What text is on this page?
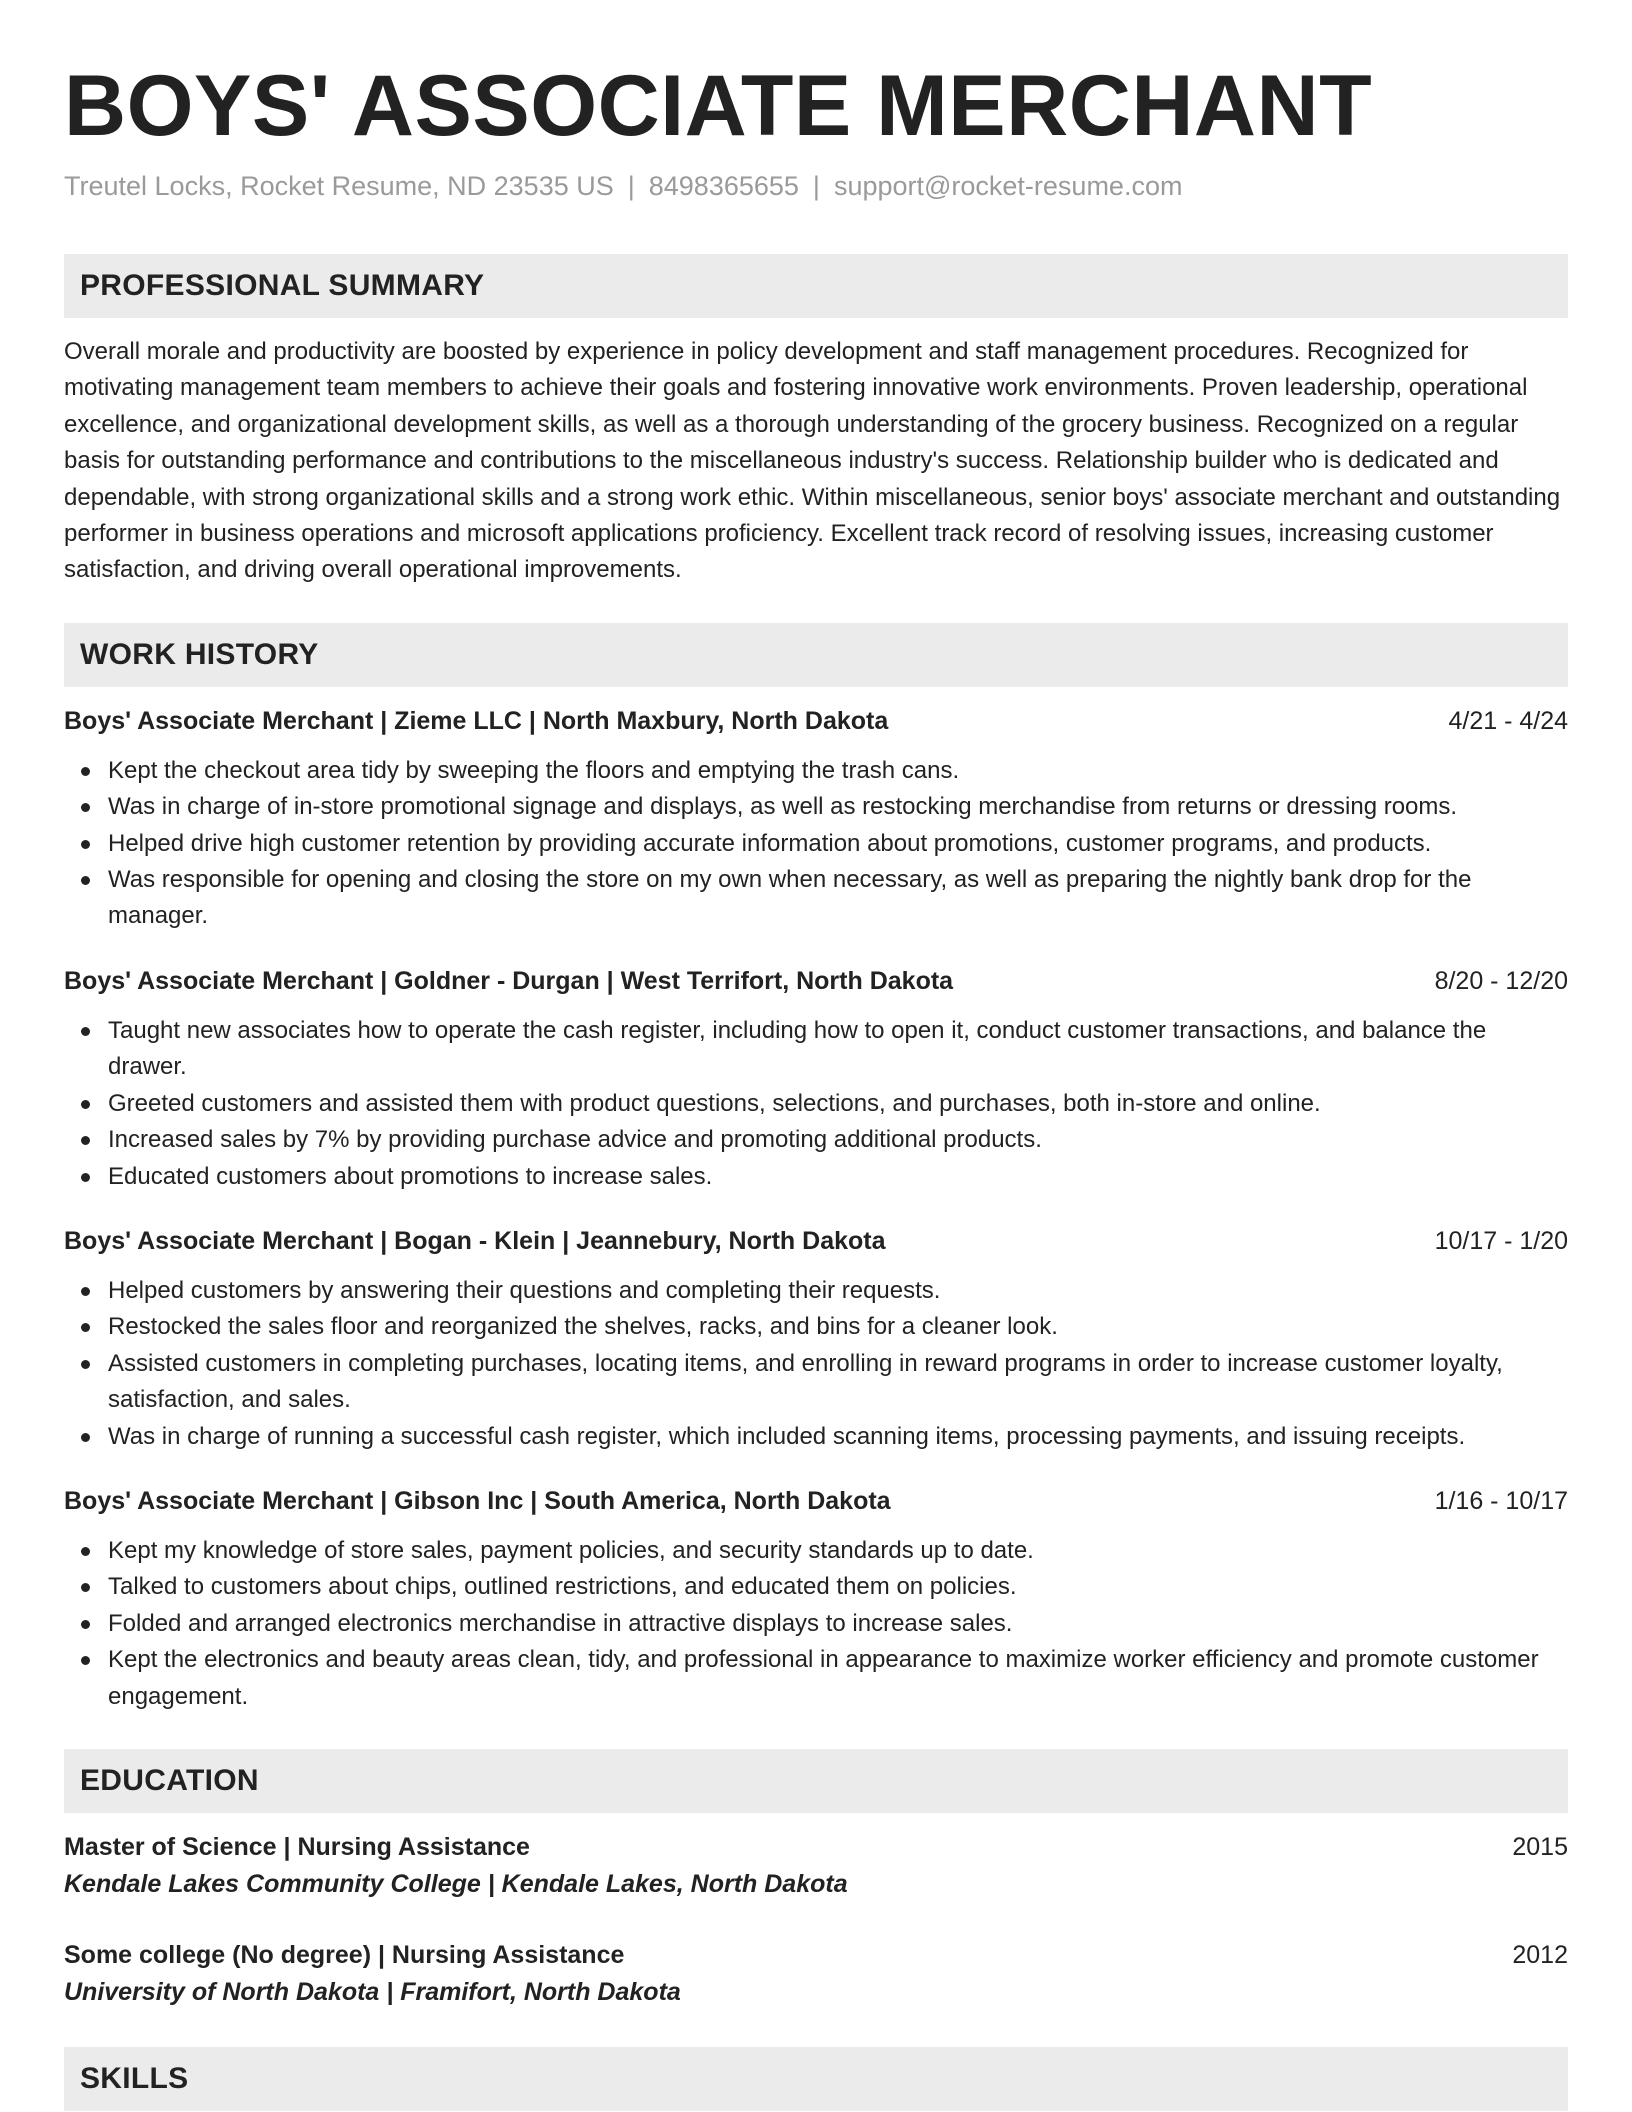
BOYS' ASSOCIATE MERCHANT
Treutel Locks, Rocket Resume, ND 23535 US | 8498365655 | support@rocket-resume.com
PROFESSIONAL SUMMARY

Overall morale and productivity are boosted by experience in policy development and staff management procedures. Recognized for motivating management team members to achieve their goals and fostering innovative work environments. Proven leadership, operational excellence, and organizational development skills, as well as a thorough understanding of the grocery business. Recognized on a regular basis for outstanding performance and contributions to the miscellaneous industry's success. Relationship builder who is dedicated and dependable, with strong organizational skills and a strong work ethic. Within miscellaneous, senior boys' associate merchant and outstanding performer in business operations and microsoft applications proficiency. Excellent track record of resolving issues, increasing customer satisfaction, and driving overall operational improvements.

WORK HISTORY
Boys' Associate Merchant | Zieme LLC | North Maxbury, North Dakota	4/21 - 4/24
Kept the checkout area tidy by sweeping the floors and emptying the trash cans.
Was in charge of in-store promotional signage and displays, as well as restocking merchandise from returns or dressing rooms.
Helped drive high customer retention by providing accurate information about promotions, customer programs, and products.
Was responsible for opening and closing the store on my own when necessary, as well as preparing the nightly bank drop for the manager.
Boys' Associate Merchant | Goldner - Durgan | West Terrifort, North Dakota	8/20 - 12/20
Taught new associates how to operate the cash register, including how to open it, conduct customer transactions, and balance the drawer.
Greeted customers and assisted them with product questions, selections, and purchases, both in-store and online.
Increased sales by 7% by providing purchase advice and promoting additional products.
Educated customers about promotions to increase sales.
Boys' Associate Merchant | Bogan - Klein | Jeannebury, North Dakota	10/17 - 1/20
Helped customers by answering their questions and completing their requests.
Restocked the sales floor and reorganized the shelves, racks, and bins for a cleaner look.
Assisted customers in completing purchases, locating items, and enrolling in reward programs in order to increase customer loyalty, satisfaction, and sales.
Was in charge of running a successful cash register, which included scanning items, processing payments, and issuing receipts.
Boys' Associate Merchant | Gibson Inc | South America, North Dakota	1/16 - 10/17
Kept my knowledge of store sales, payment policies, and security standards up to date.
Talked to customers about chips, outlined restrictions, and educated them on policies.
Folded and arranged electronics merchandise in attractive displays to increase sales.
Kept the electronics and beauty areas clean, tidy, and professional in appearance to maximize worker efficiency and promote customer engagement.
EDUCATION
Master of Science | Nursing Assistance	2015
Kendale Lakes Community College | Kendale Lakes, North Dakota
Some college (No degree) | Nursing Assistance	2012
University of North Dakota | Framifort, North Dakota
SKILLS
